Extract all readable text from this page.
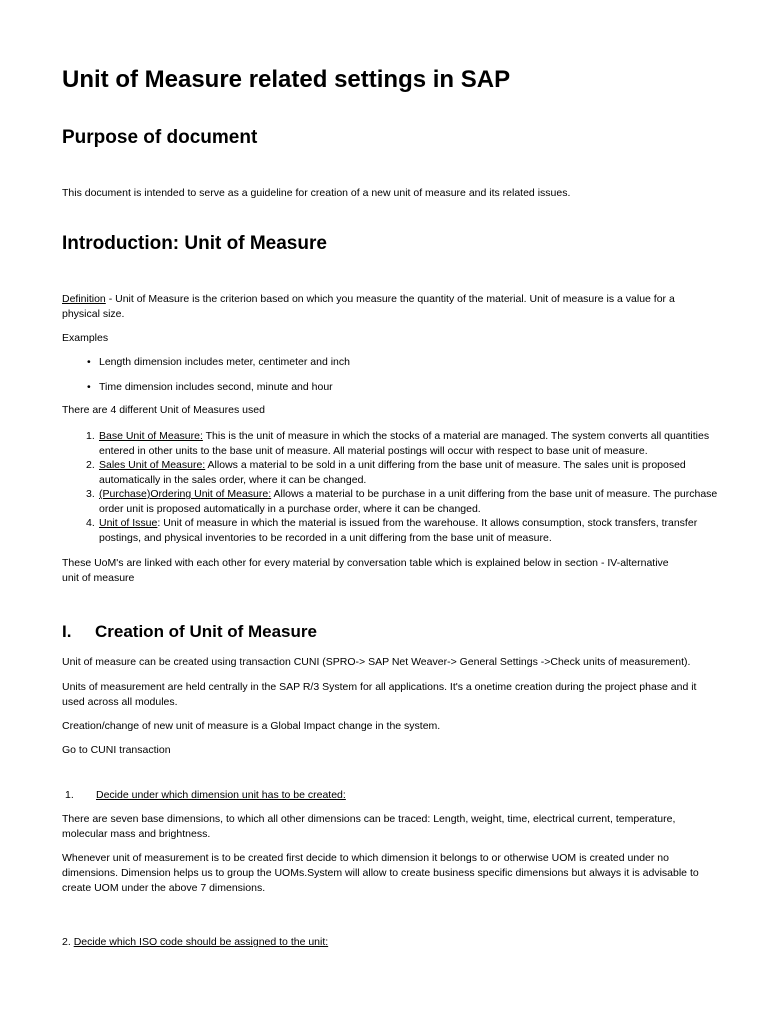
Unit of Measure related settings in SAP
Purpose of document

This document is intended to serve as a guideline for creation of a new unit of measure and its related issues.

Introduction: Unit of Measure

Definition - Unit of Measure is the criterion based on which you measure the quantity of the material. Unit of measure is a value for a physical size.

Examples

• Length dimension includes meter, centimeter and inch
• Time dimension includes second, minute and hour

There are 4 different Unit of Measures used

1. Base Unit of Measure: This is the unit of measure in which the stocks of a material are managed. The system converts all quantities entered in other units to the base unit of measure. All material postings will occur with respect to base unit of measure.
2. Sales Unit of Measure: Allows a material to be sold in a unit differing from the base unit of measure. The sales unit is proposed automatically in the sales order, where it can be changed.
3. (Purchase)Ordering Unit of Measure: Allows a material to be purchase in a unit differing from the base unit of measure. The purchase order unit is proposed automatically in a purchase order, where it can be changed.
4. Unit of Issue: Unit of measure in which the material is issued from the warehouse. It allows consumption, stock transfers, transfer postings, and physical inventories to be recorded in a unit differing from the base unit of measure.

These UoM's are linked with each other for every material by conversation table which is explained below in section - IV-alternative unit of measure

I. Creation of Unit of Measure

Unit of measure can be created using transaction CUNI (SPRO-> SAP Net Weaver-> General Settings ->Check units of measurement).

Units of measurement are held centrally in the SAP R/3 System for all applications. It's a onetime creation during the project phase and it used across all modules.

Creation/change of new unit of measure is a Global Impact change in the system.

Go to CUNI transaction

1. Decide under which dimension unit has to be created:

There are seven base dimensions, to which all other dimensions can be traced: Length, weight, time, electrical current, temperature, molecular mass and brightness.

Whenever unit of measurement is to be created first decide to which dimension it belongs to or otherwise UOM is created under no dimensions. Dimension helps us to group the UOMs.System will allow to create business specific dimensions but always it is advisable to create UOM under the above 7 dimensions.

2. Decide which ISO code should be assigned to the unit:
